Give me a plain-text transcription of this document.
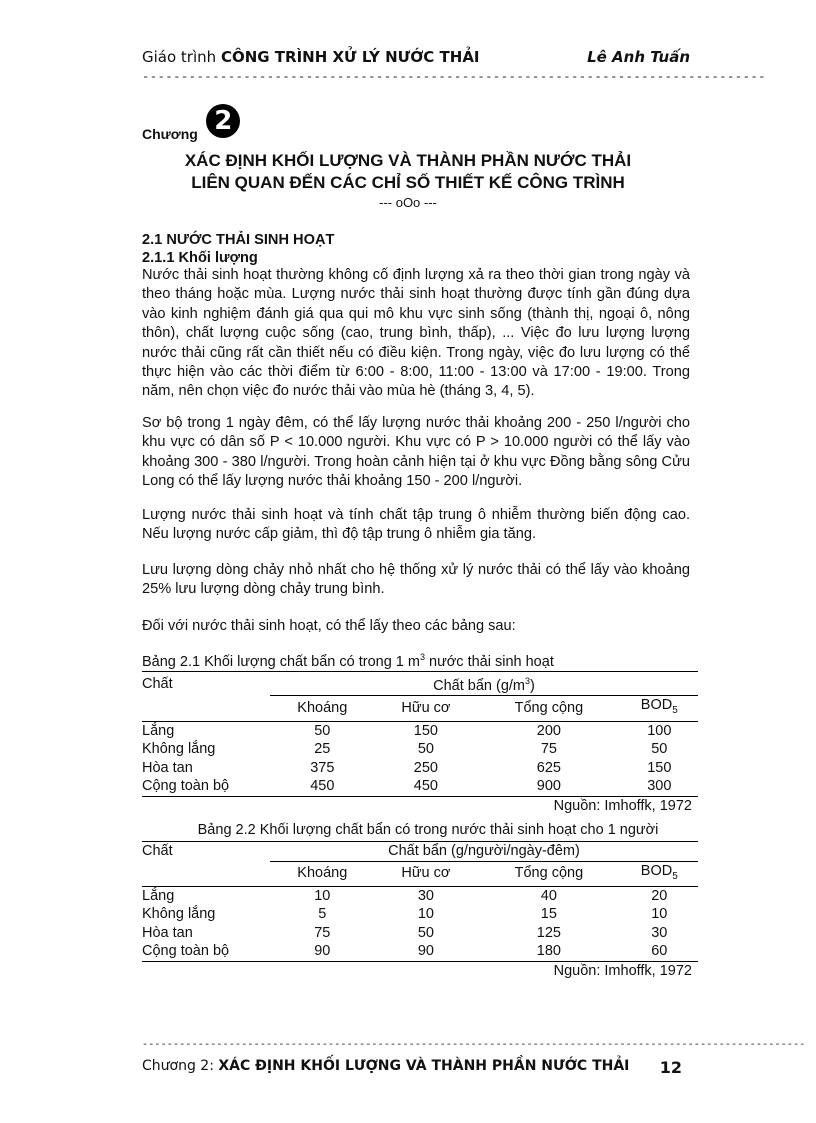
Giáo trình CÔNG TRÌNH XỬ LÝ NƯỚC THẢI	Lê Anh Tuấn
--------------------------------------------------------------------------------
Chương 2
XÁC ĐỊNH KHỐI LƯỢNG VÀ THÀNH PHẦN NƯỚC THẢI
LIÊN QUAN ĐẾN CÁC CHỈ SỐ THIẾT KẾ CÔNG TRÌNH
--- oOo ---
2.1 NƯỚC THẢI SINH HOẠT
2.1.1 Khối lượng
Nước thải sinh hoạt thường không cố định lượng xả ra theo thời gian trong ngày và theo tháng hoặc mùa. Lượng nước thải sinh hoạt thường được tính gần đúng dựa vào kinh nghiệm đánh giá qua qui mô khu vực sinh sống (thành thị, ngoại ô, nông thôn), chất lượng cuộc sống (cao, trung bình, thấp), ... Việc đo lưu lượng lượng nước thải cũng rất cần thiết nếu có điều kiện. Trong ngày, việc đo lưu lượng có thể thực hiện vào các thời điểm từ 6:00 - 8:00, 11:00 - 13:00 và 17:00 - 19:00. Trong năm, nên chọn việc đo nước thải vào mùa hè (tháng 3, 4, 5).
Sơ bộ trong 1 ngày đêm, có thể lấy lượng nước thải khoảng 200 - 250 l/người cho khu vực có dân số P < 10.000 người. Khu vực có P > 10.000 người có thể lấy vào khoảng 300 - 380 l/người. Trong hoàn cảnh hiện tại ở khu vực Đồng bằng sông Cửu Long có thể lấy lượng nước thải khoảng 150 - 200 l/người.
Lượng nước thải sinh hoạt và tính chất tập trung ô nhiễm thường biến động cao. Nếu lượng nước cấp giảm, thì độ tập trung ô nhiễm gia tăng.
Lưu lượng dòng chảy nhỏ nhất cho hệ thống xử lý nước thải có thể lấy vào khoảng 25% lưu lượng dòng chảy trung bình.
Đối với nước thải sinh hoạt, có thể lấy theo các bảng sau:
Bảng 2.1 Khối lượng chất bẩn có trong 1 $m^3$ nước thải sinh hoạt
Chất	Chất bẩn $(g/m^3)$			
	Khoáng	Hữu cơ	Tổng cộng	$BOD_5$
Lắng	50	150	200	100
Không lắng	25	50	75	50
Hòa tan	375	250	625	150
Cộng toàn bộ	450	450	900	300
Nguồn: Imhoffk, 1972				
Bảng 2.2 Khối lượng chất bẩn có trong nước thải sinh hoạt cho 1 người
Chất	Chất bẩn (g/người/ngày-đêm)			
	Khoáng	Hữu cơ	Tổng cộng	$BOD_5$
Lắng	10	30	40	20
Không lắng	5	10	15	10
Hòa tan	75	50	125	30
Cộng toàn bộ	90	90	180	60
Nguồn: Imhoffk, 1972				
-----------------------------------------------------------------------------------------------------------
Chương 2: XÁC ĐỊNH KHỐI LƯỢNG VÀ THÀNH PHẦN NƯỚC THẢI 12
